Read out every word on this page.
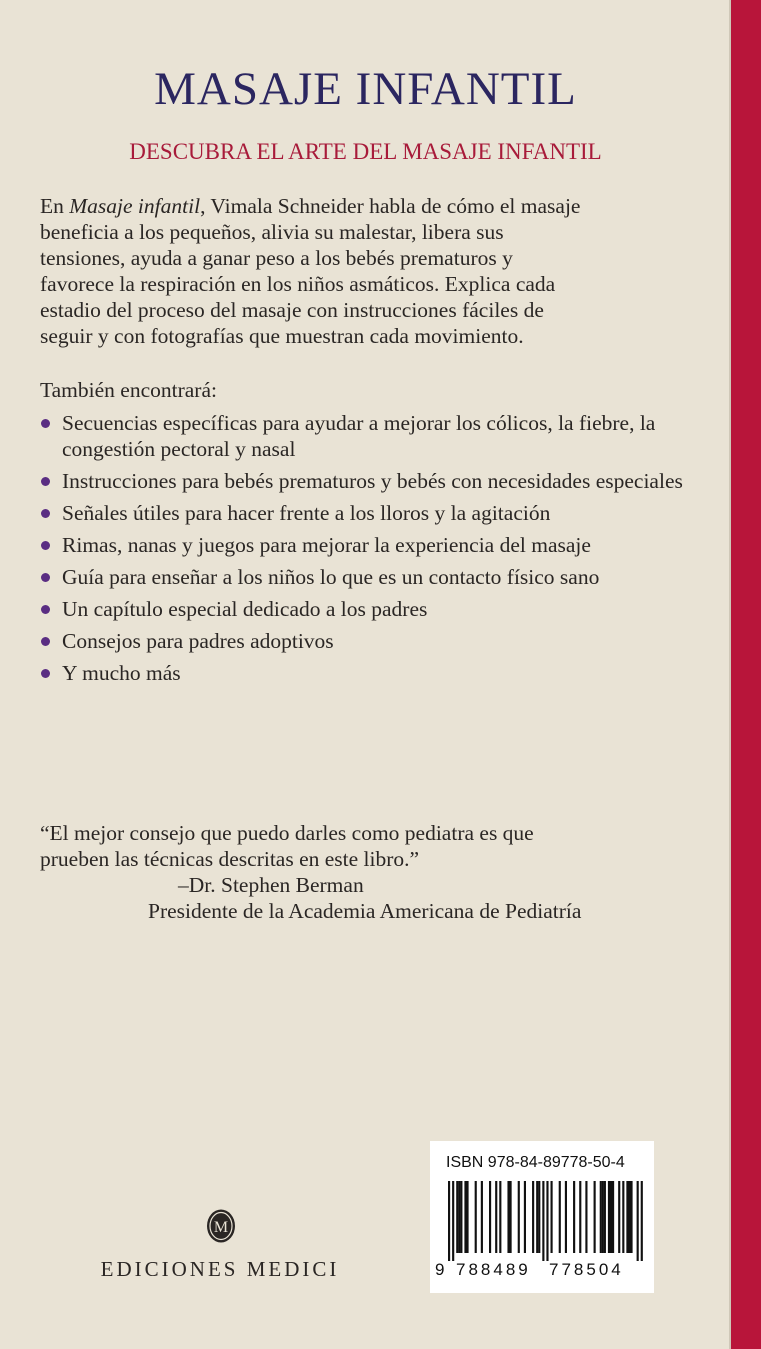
MASAJE INFANTIL
DESCUBRA EL ARTE DEL MASAJE INFANTIL

En Masaje infantil, Vimala Schneider habla de cómo el masaje
beneficia a los pequeños, alivia su malestar, libera sus
tensiones, ayuda a ganar peso a los bebés prematuros y
favorece la respiración en los niños asmáticos. Explica cada
estadio del proceso del masaje con instrucciones fáciles de
seguir y con fotografías que muestran cada movimiento.

También encontrará:
Secuencias específicas para ayudar a mejorar los cólicos, la fiebre, la congestión pectoral y nasal
Instrucciones para bebés prematuros y bebés con necesidades especiales
Señales útiles para hacer frente a los lloros y la agitación
Rimas, nanas y juegos para mejorar la experiencia del masaje
Guía para enseñar a los niños lo que es un contacto físico sano
Un capítulo especial dedicado a los padres
Consejos para padres adoptivos
Y mucho más
“El mejor consejo que puedo darles como pediatra es que
prueben las técnicas descritas en este libro.”
–Dr. Stephen Berman
Presidente de la Academia Americana de Pediatría
M
EDICIONES MEDICI
ISBN 978-84-89778-50-4
9 788489 778504
